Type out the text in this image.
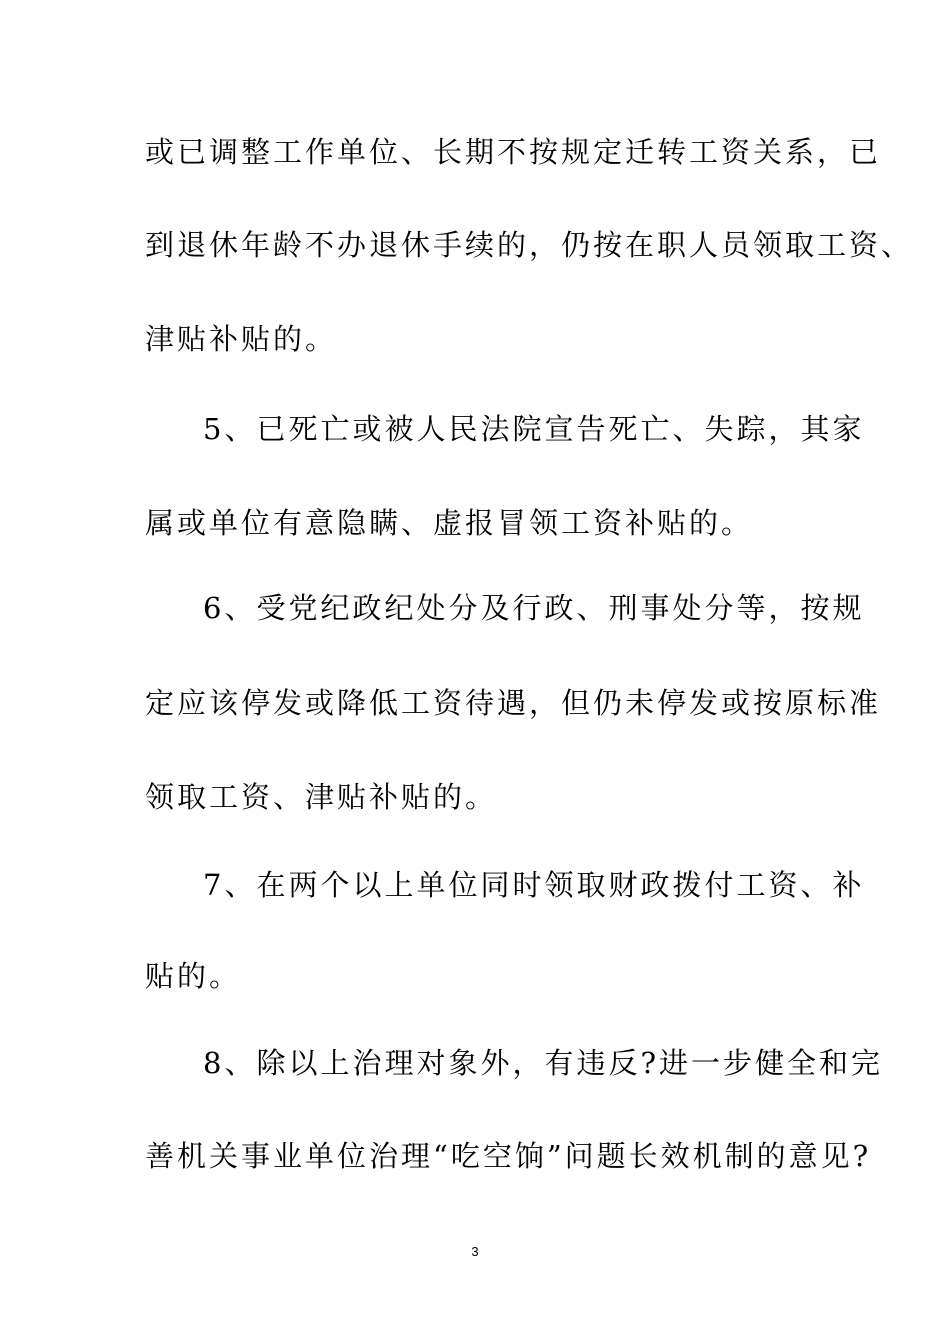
或已调整工作单位、长期不按规定迁转工资关系，已
到退休年龄不办退休手续的，仍按在职人员领取工资、
津贴补贴的。
5、已死亡或被人民法院宣告死亡、失踪，其家
属或单位有意隐瞒、虚报冒领工资补贴的。
6、受党纪政纪处分及行政、刑事处分等，按规
定应该停发或降低工资待遇，但仍未停发或按原标准
领取工资、津贴补贴的。
7、在两个以上单位同时领取财政拨付工资、补
贴的。
8、除以上治理对象外，有违反?进一步健全和完
善机关事业单位治理“吃空饷”问题长效机制的意见?
3
